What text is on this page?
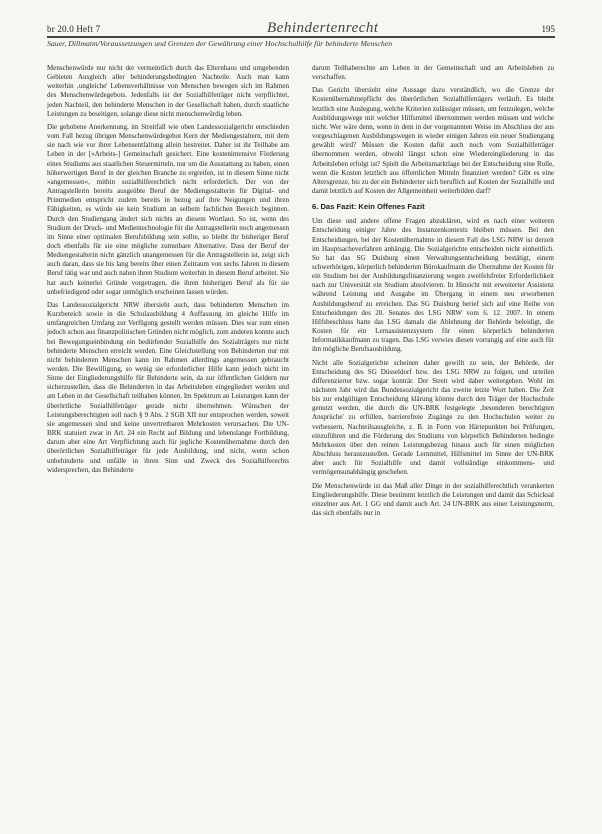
br 20.0 Heft 7	Behindertenrecht	195
Sauer, Dillmann/Voraussetzungen und Grenzen der Gewährung einer Hochschulhilfe für behinderte Menschen

Menschenwürde nur nicht der vermeintlich durch das Elternhaus und umgebenden Gebieten Ausgleich aller behinderungsbedingten Nachteile. Auch man kann weiterhin ‚ungleiche' Lebensverhältnisse von Menschen bewegen sich im Rahmen des Menschenwürdegebots. Jedenfalls ist der Sozialhilfeträger nicht verpflichtet, jeden Nachteil, den behinderte Menschen in der Gesellschaft haben, durch staatliche Leistungen zu beseitigen, solange diese nicht menschenwürdig leben.

Die gehobene Anerkennung, im Streitfall wie oben Landessozialgericht entschieden vom Fall bezug übrigen Menschenwürdegebot Kern der Mediengestaltern, mit dem sie nach wie vor ihrer Lebensentfaltung allein bestreitet. Daher ist ihr Teilhabe am Leben in der [»Arbeits-] Gemeinschaft gesichert. Eine kostenintensive Förderung eines Studiums aus staatlichen Steuermitteln, nur um die Ausstattung zu haben, einen höherwertigen Beruf in der gleichen Branche zu ergreifen, ist in diesem Sinne nicht »angemessen«, mithin sozialhilferechtlich nicht erforderlich. Der von der Antragstellerin bereits ausgeübte Beruf der Mediengestalterin für Digital- und Printmedien entspricht zudem bereits in bezug auf ihre Neigungen und ihren Fähigkeiten, es würde sie kein Studium an selbem fachlichen Bereich beginnen. Durch den Studiengang ändert sich nichts an diesem Wortlaut. So ist, wenn des Studium der Druck- und Medientechnologie für die Antragstellerin noch angemessen im Sinne einer optimalen Berufsbildung sein sollte, so bleibt ihr bisheriger Beruf doch ebenfalls für sie eine mögliche zumutbare Alternative. Dass der Beruf der Mediengestalterin nicht gänzlich unangemessen für die Antragstellerin ist, zeigt sich auch daran, dass sie bis lang bereits über einen Zeitraum von sechs Jahren in diesem Beruf tätig war und auch nahen ihren Studium weiterhin in diesem Beruf arbeitet. Sie hat auch keinerlei Gründe vorgetragen, die ihren bisherigen Beruf als für sie unbefriedigend oder sogar unmöglich erscheinen lassen würden.

Das Landessozialgericht NRW übersieht auch, dass behinderten Menschen im Kurzbereich sowie in die Schulausbildung 4 Auffassung im gleiche Hilfe im umfangreichen Umfang zur Verfügung gestellt werden müssen. Dies war zum einen jedoch schon aus finanzpolitischen Gründen nicht möglich, zum anderen konnte auch bei Bewegungseinbindung ein bedürfender Sozialhilfe des Sozialträgers nur nicht behinderte Menschen erreicht werden. Eine Gleichstellung von Behinderten nur mit nicht behinderten Menschen kann im Rahmen allerdings angemessen gebraucht werden. Die Bewilligung, so wenig sie erforderlicher Hilfe kann jedoch nicht im Sinne der Eingliederungshilfe für Behinderte sein, da zur öffentlichen Geldern nur sicherzustellen, dass die Behinderten in das Arbeitsleben eingegliedert werden und am Leben in der Gesellschaft teilhaben können. Im Spektrum an Leistungen kann der überörtliche Sozialhilfeträger gerade nicht übernehmen. Wünschen der Leistungsberechtigten soll nach § 9 Abs. 2 SGB XII nur entsprochen werden, soweit sie angemessen sind und keine unvertretbaren Mehrkosten verursachen. Die UN-BRK statuiert zwar in Art. 24 ein Recht auf Bildung und lebenslange Fortbildung, darum aber eine Art Verpflichtung auch für jegliche Kostenübernahme durch den überörtlichen Sozialhilfeträger für jede Ausbildung, und nicht, wenn schon unbehinderte und unfälle in ihren Sinn und Zweck des Sozialhilferechts widersprechen, das Behinderte

darum Teilhaberechte am Leben in der Gemeinschaft und am Arbeitsleben zu verschaffen.

Das Gericht übersieht eine Aussage dazu verständlich, wo die Grenze der Kostenübernahmepflicht des überörtlichen Sozialhilfeträgers verläuft. Es bleibt letztlich eine Auslegung, welche Kriterien zulässiger müssen, um festzulegen, welche Ausbildungswege mit welcher Hilfsmittel übernommen werden müssen und welche nicht. Wer wäre denn, wenn in dem in der vorgenannten Weise im Abschluss der aus vorgeschlagenen Ausbildungswegen in wieder einigen Jahren ein neuer Studiengang gewählt wird? Müssen die Kosten dafür auch noch vom Sozialhilfeträger übernommen werden, obwohl längst schon eine Wiedereingliederung in das Arbeitsleben erfolgt ist? Spielt die Arbeitsmarktlage bei der Entscheidung eine Rolle, wenn die Kosten letztlich aus öffentlichen Mitteln finanziert werden? Gibt es eine Altersgrenze, bis zu der ein Behinderter sich beruflich auf Kosten der Sozialhilfe und damit letztlich auf Kosten der Allgemeinheit weiterbilden darf?

6. Das Fazit: Kein Offenes Fazit

Um diese und andere offene Fragen abzuklären, wird es nach einer weiteren Entscheidung einiger Jahre des Instanzenkontexts bleiben müssen. Bei den Entscheidungen, bei der Kostenübernahme in diesem Fall des LSG NRW ist derzeit im Hauptsacheverfahren anhängig. Die Sozialgerichte entscheiden nicht einheitlich. So hat das SG Duisburg einen Verwaltungsentscheidung bestätigt, einem schwerhörigen, körperlich behinderten Bürokaufmann die Übernahme der Kosten für ein Studium bei der Ausbildungsfinanzierung wegen zweifelsfreier Erforderlichkeit nach zur Universität ein Studium absolvieren. In Hinsicht mit erweiterter Assistenz während Leistung und Ausgabe im Übergang in einem neu erworbenen Ausbildungsberuf zu erreichen. Das SG Duisburg berief sich auf eine Reihe von Entscheidungen des 20. Senates des LSG NRW vom 6. 12. 2007. In einem Hilfsbeschluss hatte das LSG damals die Ablehnung der Behörde beleidigt, die Kosten für ein Lernassistenzsystem für einen körperlich behinderten Informatikkaufmann zu tragen. Das LSG verwies diesen vorrangig auf eine auch für ihn mögliche Berufsausbildung.

Nicht alle Sozialgerichte scheinen daher gewillt zu sein, der Behörde, der Entscheidung des SG Düsseldorf bzw. des LSG NRW zu folgen, und urteilen differenzierter bzw. sogar konträr. Der Streit wird daher weitergehen. Wohl im nächsten Jahr wird das Bundessozialgericht das zweite letzte Wort haben. Die Zeit bis zur endgültigen Entscheidung klärung könnte durch den Träger der Hochschule genutzt werden, die durch die UN-BRK festgelegte ‚besonderen berechtigten Ansprüche' zu erfüllen, barrierefreie Zugänge zu den Hochschulen weiter zu verbessern, Nachteilsausgleiche, z. B. in Form von Härtepunkten bei Prüfungen, einzuführen und die Förderung des Studiums von körperlich Behinderten bedingte Mehrkosten über den reinen Leistungsbezug hinaus auch für einen möglichen Abschluss herauszustellen. Gerade Lernmittel, Hilfsmittel im Sinne der UN-BRK aber auch für Sozialhilfe und damit vollständige einkommens- und vermögensunabhängig geschehen.

Die Menschenwürde ist das Maß aller Dinge in der sozialhilferechtlich verankerten Eingliederungshilfe. Diese bestimmt letztlich die Leistungen und damit das Schicksal einzelner aus Art. 1 GG und damit auch Art. 24 UN-BRK aus einer Leistungsnorm, das sich ebenfalls nur in
